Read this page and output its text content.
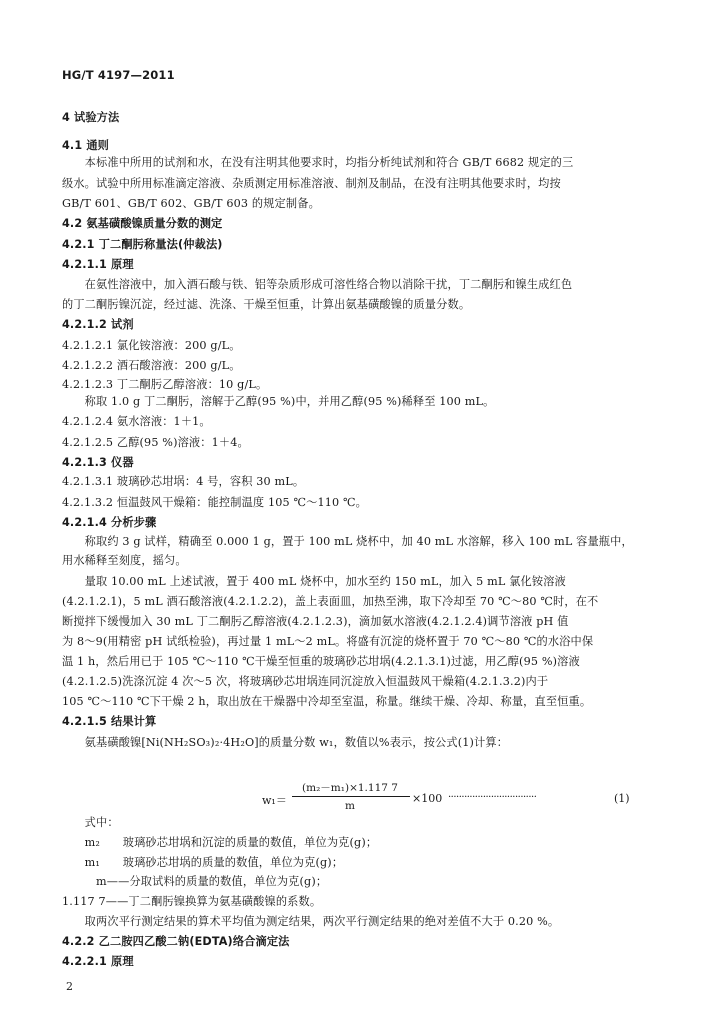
HG/T 4197—2011
4 试验方法
4.1 通则
　　本标准中所用的试剂和水，在没有注明其他要求时，均指分析纯试剂和符合 GB/T 6682 规定的三
级水。试验中所用标准滴定溶液、杂质测定用标准溶液、制剂及制品，在没有注明其他要求时，均按
GB/T 601、GB/T 602、GB/T 603 的规定制备。
4.2 氨基磺酸镍质量分数的测定
4.2.1 丁二酮肟称量法(仲裁法)
4.2.1.1 原理
　　在氨性溶液中，加入酒石酸与铁、铝等杂质形成可溶性络合物以消除干扰，丁二酮肟和镍生成红色
的丁二酮肟镍沉淀，经过滤、洗涤、干燥至恒重，计算出氨基磺酸镍的质量分数。
4.2.1.2 试剂
4.2.1.2.1 氯化铵溶液：200 g/L。
4.2.1.2.2 酒石酸溶液：200 g/L。
4.2.1.2.3 丁二酮肟乙醇溶液：10 g/L。
　　称取 1.0 g 丁二酮肟，溶解于乙醇(95 %)中，并用乙醇(95 %)稀释至 100 mL。
4.2.1.2.4 氨水溶液：1＋1。
4.2.1.2.5 乙醇(95 %)溶液：1＋4。
4.2.1.3 仪器
4.2.1.3.1 玻璃砂芯坩埚：4 号，容积 30 mL。
4.2.1.3.2 恒温鼓风干燥箱：能控制温度 105 ℃～110 ℃。
4.2.1.4 分析步骤
　　称取约 3 g 试样，精确至 0.000 1 g，置于 100 mL 烧杯中，加 40 mL 水溶解，移入 100 mL 容量瓶中，
用水稀释至刻度，摇匀。
　　量取 10.00 mL 上述试液，置于 400 mL 烧杯中，加水至约 150 mL，加入 5 mL 氯化铵溶液
(4.2.1.2.1)，5 mL 酒石酸溶液(4.2.1.2.2)，盖上表面皿，加热至沸，取下冷却至 70 ℃～80 ℃时，在不
断搅拌下缓慢加入 30 mL 丁二酮肟乙醇溶液(4.2.1.2.3)，滴加氨水溶液(4.2.1.2.4)调节溶液 pH 值
为 8～9(用精密 pH 试纸检验)，再过量 1 mL～2 mL。将盛有沉淀的烧杯置于 70 ℃～80 ℃的水浴中保
温 1 h，然后用已于 105 ℃～110 ℃干燥至恒重的玻璃砂芯坩埚(4.2.1.3.1)过滤，用乙醇(95 %)溶液
(4.2.1.2.5)洗涤沉淀 4 次～5 次，将玻璃砂芯坩埚连同沉淀放入恒温鼓风干燥箱(4.2.1.3.2)内于
105 ℃～110 ℃下干燥 2 h，取出放在干燥器中冷却至室温，称量。继续干燥、冷却、称量，直至恒重。
4.2.1.5 结果计算
　　氨基磺酸镍[Ni(NH₂SO₃)₂·4H₂O]的质量分数 w₁，数值以%表示，按公式(1)计算：
w₁＝
(m₂－m₁)×1.117 7
m
×100 ·································	(1)
　　式中：
　　m₂　　玻璃砂芯坩埚和沉淀的质量的数值，单位为克(g)；
　　m₁　　玻璃砂芯坩埚的质量的数值，单位为克(g)；
　　　m——分取试料的质量的数值，单位为克(g)；
1.117 7——丁二酮肟镍换算为氨基磺酸镍的系数。
　　取两次平行测定结果的算术平均值为测定结果，两次平行测定结果的绝对差值不大于 0.20 %。
4.2.2 乙二胺四乙酸二钠(EDTA)络合滴定法
4.2.2.1 原理
2
